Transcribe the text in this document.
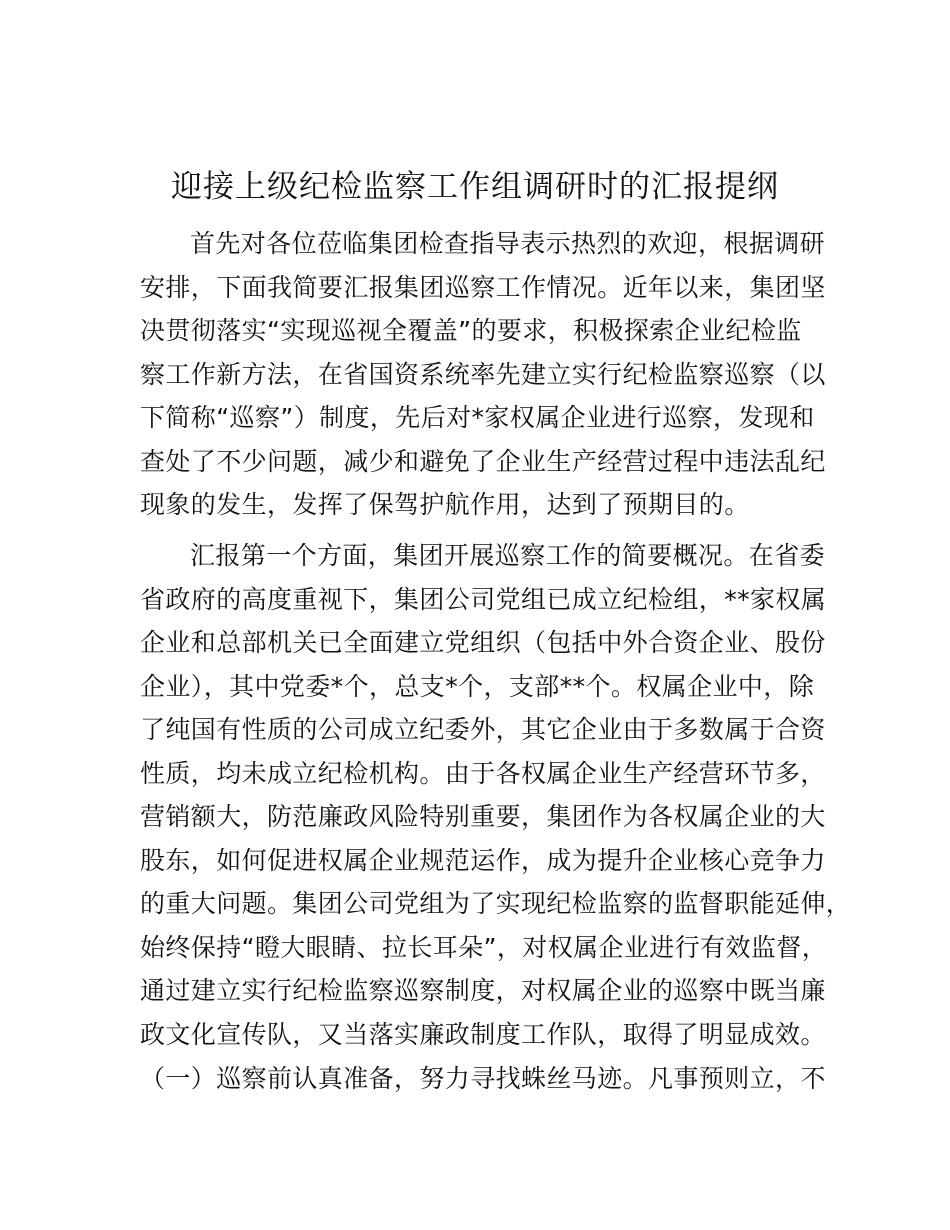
迎接上级纪检监察工作组调研时的汇报提纲
首先对各位莅临集团检查指导表示热烈的欢迎，根据调研
安排，下面我简要汇报集团巡察工作情况。近年以来，集团坚
决贯彻落实“实现巡视全覆盖”的要求，积极探索企业纪检监
察工作新方法，在省国资系统率先建立实行纪检监察巡察（以
下简称“巡察”）制度，先后对*家权属企业进行巡察，发现和
查处了不少问题，减少和避免了企业生产经营过程中违法乱纪
现象的发生，发挥了保驾护航作用，达到了预期目的。
汇报第一个方面，集团开展巡察工作的简要概况。在省委
省政府的高度重视下，集团公司党组已成立纪检组，**家权属
企业和总部机关已全面建立党组织（包括中外合资企业、股份
企业），其中党委*个，总支*个，支部**个。权属企业中，除
了纯国有性质的公司成立纪委外，其它企业由于多数属于合资
性质，均未成立纪检机构。由于各权属企业生产经营环节多，
营销额大，防范廉政风险特别重要，集团作为各权属企业的大
股东，如何促进权属企业规范运作，成为提升企业核心竞争力
的重大问题。集团公司党组为了实现纪检监察的监督职能延伸，
始终保持“瞪大眼睛、拉长耳朵”，对权属企业进行有效监督，
通过建立实行纪检监察巡察制度，对权属企业的巡察中既当廉
政文化宣传队，又当落实廉政制度工作队，取得了明显成效。
（一）巡察前认真准备，努力寻找蛛丝马迹。凡事预则立，不
